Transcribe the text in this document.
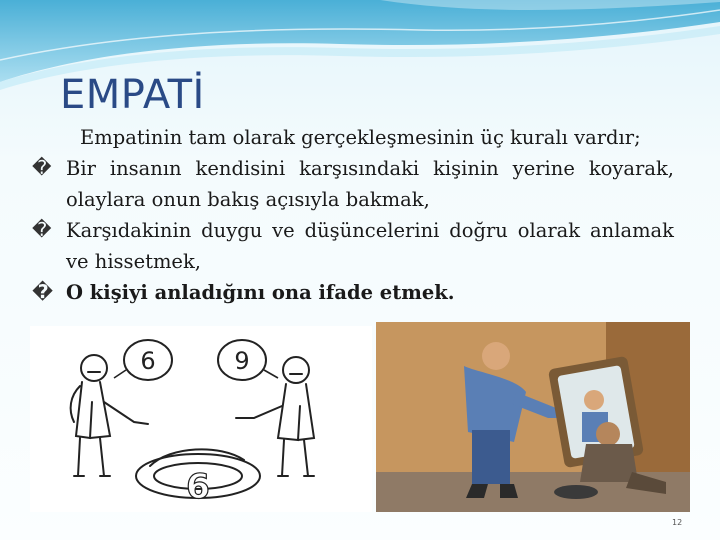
EMPATİ

Empatinin tam olarak gerçekleşmesinin üç kuralı vardır;

� Bir insanın kendisini karşısındaki kişinin yerine koyarak, olaylara onun bakış açısıyla bakmak,

� Karşıdakinin duygu ve düşüncelerini doğru olarak anlamak ve hissetmek,

� O kişiyi anladığını ona ifade etmek.

6	9
6
12
